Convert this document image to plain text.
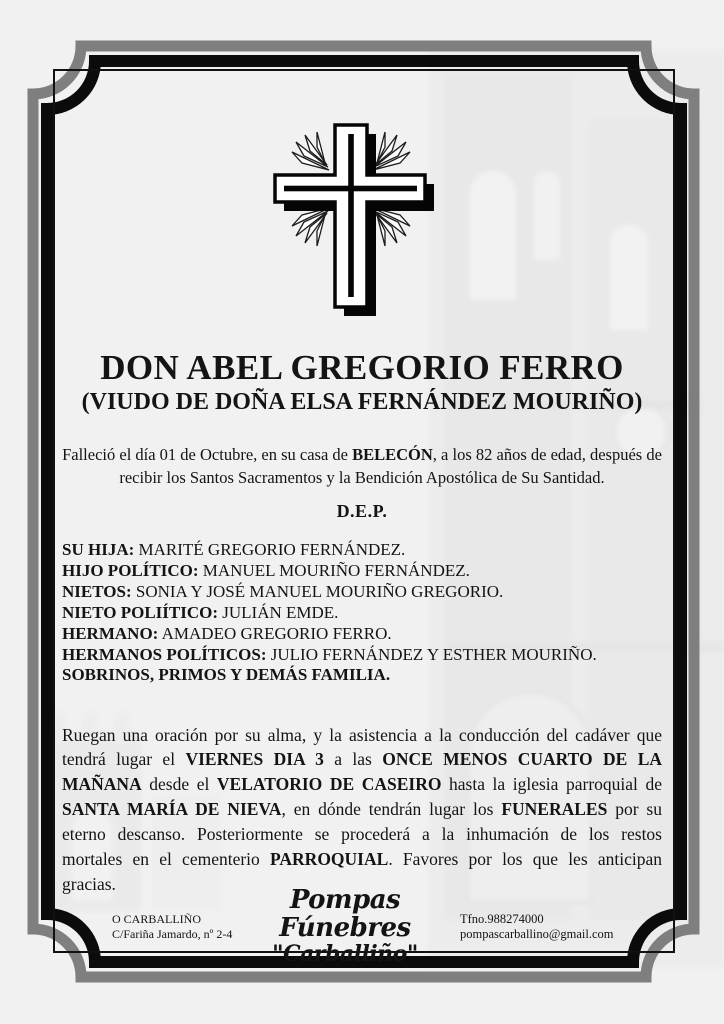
DON ABEL GREGORIO FERRO
(VIUDO DE DOÑA ELSA FERNÁNDEZ MOURIÑO)

Falleció el día 01 de Octubre, en su casa de BELECÓN, a los 82 años de edad, después de recibir los Santos Sacramentos y la Bendición Apostólica de Su Santidad.

D.E.P.
SU HIJA: MARITÉ GREGORIO FERNÁNDEZ.
HIJO POLÍTICO: MANUEL MOURIÑO FERNÁNDEZ.
NIETOS: SONIA Y JOSÉ MANUEL MOURIÑO GREGORIO.
NIETO POLIÍTICO: JULIÁN EMDE.
HERMANO: AMADEO GREGORIO FERRO.
HERMANOS POLÍTICOS: JULIO FERNÁNDEZ Y ESTHER MOURIÑO.
SOBRINOS, PRIMOS Y DEMÁS FAMILIA.

Ruegan una oración por su alma, y la asistencia a la conducción del cadáver que tendrá lugar el VIERNES DIA 3 a las ONCE MENOS CUARTO DE LA MAÑANA desde el VELATORIO DE CASEIRO hasta la iglesia parroquial de SANTA MARÍA DE NIEVA, en dónde tendrán lugar los FUNERALES por su eterno descanso. Posteriormente se procederá a la inhumación de los restos mortales en el cementerio PARROQUIAL. Favores por los que les anticipan gracias.

O CARBALLIÑO
C/Fariña Jamardo, nº 2-4
Pompas Fúnebres
"Carballiño"
Tfno.988274000
pompascarballino@gmail.com
